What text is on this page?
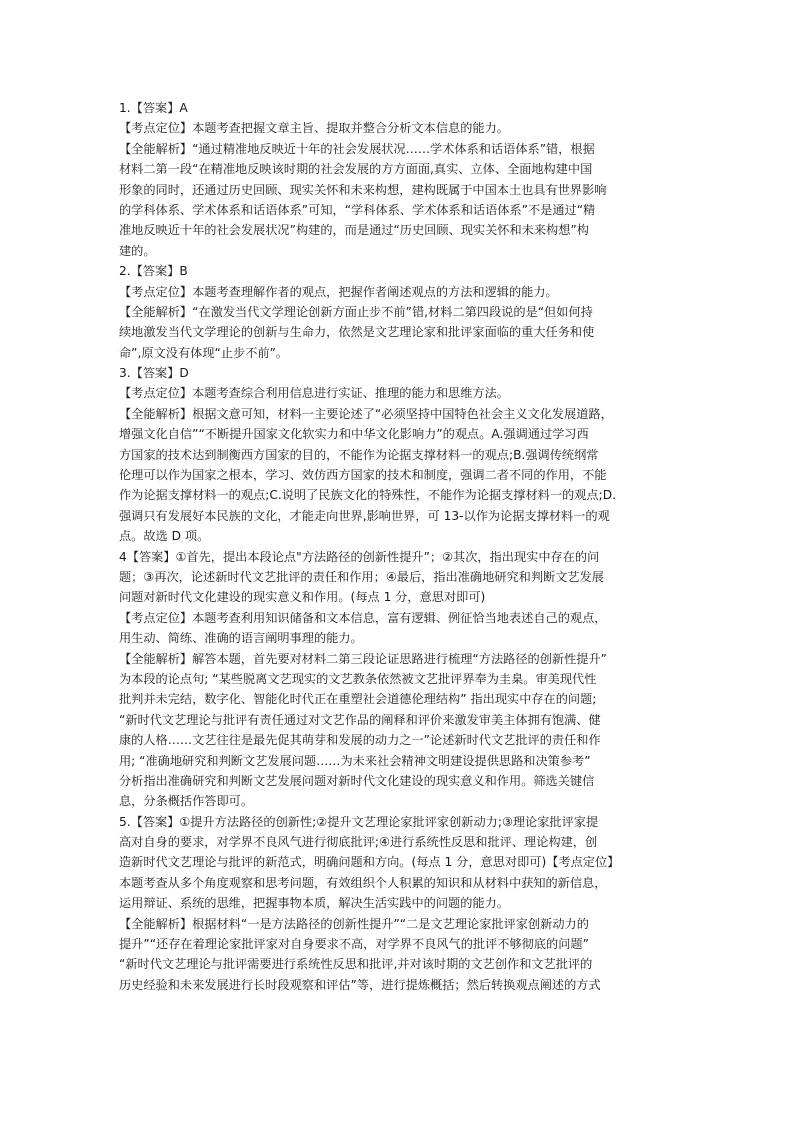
1.【答案】A
【考点定位】本题考查把握文章主旨、提取并整合分析文本信息的能力。
【全能解析】“通过精准地反映近十年的社会发展状况……学术体系和话语体系”错，根据
材料二第一段“在精准地反映该时期的社会发展的方方面面,真实、立体、全面地构建中国
形象的同时，还通过历史回顾、现实关怀和未来构想，建构既属于中国本土也具有世界影响
的学科体系、学术体系和话语体系”可知，“学科体系、学术体系和话语体系”不是通过“精
准地反映近十年的社会发展状况”构建的，而是通过“历史回顾、现实关怀和未来构想”构
建的。
2.【答案】B
【考点定位】本题考查理解作者的观点，把握作者阐述观点的方法和逻辑的能力。
【全能解析】“在激发当代文学理论创新方面止步不前”错,材料二第四段说的是“但如何持
续地激发当代文学理论的创新与生命力，依然是文艺理论家和批评家面临的重大任务和使
命”,原文没有体现“止步不前”。
3.【答案】D
【考点定位】本题考查综合利用信息进行实证、推理的能力和思维方法。
【全能解析】根据文意可知，材料一主要论述了“必须坚持中国特色社会主义文化发展道路，
增强文化自信”“不断提升国家文化软实力和中华文化影响力”的观点。A.强调通过学习西
方国家的技术达到制衡西方国家的目的，不能作为论据支撑材料一的观点;B.强调传统纲常
伦理可以作为国家之根本，学习、效仿西方国家的技术和制度，强调二者不同的作用，不能
作为论据支撑材料一的观点;C.说明了民族文化的特殊性，不能作为论据支撑材料一的观点;D.
强调只有发展好本民族的文化，才能走向世界,影响世界，可 13-以作为论据支撑材料一的观
点。故选 D 项。
4【答案】①首先，提出本段论点"方法路径的创新性提升”；②其次，指出现实中存在的问
题；③再次，论述新时代文艺批评的责任和作用；④最后，指出准确地研究和判断文艺发展
问题对新时代文化建设的现实意义和作用。(每点 1 分，意思对即可)
【考点定位】本题考查利用知识储备和文本信息，富有逻辑、例征恰当地表述自己的观点，
用生动、简练、准确的语言阐明事理的能力。
【全能解析】解答本题，首先要对材料二第三段论证思路进行梳理“方法路径的创新性提升”
为本段的论点句; “某些脱离文艺现实的文艺教条依然被文艺批评界奉为圭臬。审美现代性
批判并未完结，数字化、智能化时代正在重塑社会道德伦理结构” 指出现实中存在的问题;
“新时代文艺理论与批评有责任通过对文艺作品的阐释和评价来激发审美主体拥有饱满、健
康的人格……文艺往往是最先促其萌芽和发展的动力之一”论述新时代文艺批评的责任和作
用; “准确地研究和判断文艺发展问题……为未来社会精神文明建设提供思路和决策参考”
分析指出准确研究和判断文艺发展问题对新时代文化建设的现实意义和作用。筛选关键信
息，分条概括作答即可。
5.【答案】①提升方法路径的创新性;②提升文艺理论家批评家创新动力;③理论家批评家提
高对自身的要求，对学界不良风气进行彻底批评;④进行系统性反思和批评、理论构建，创
造新时代文艺理论与批评的新范式，明确问题和方向。(每点 1 分，意思对即可)【考点定位】
本题考查从多个角度观察和思考问题，有效组织个人积累的知识和从材料中获知的新信息，
运用辩证、系统的思维，把握事物本质，解决生活实践中的问题的能力。
【全能解析】根据材料“一是方法路径的创新性提升”“二是文艺理论家批评家创新动力的
提升”“还存在着理论家批评家对自身要求不高，对学界不良风气的批评不够彻底的问题”
“新时代文艺理论与批评需要进行系统性反思和批评,并对该时期的文艺创作和文艺批评的
历史经验和未来发展进行长时段观察和评估”等，进行提炼概括；然后转换观点阐述的方式
